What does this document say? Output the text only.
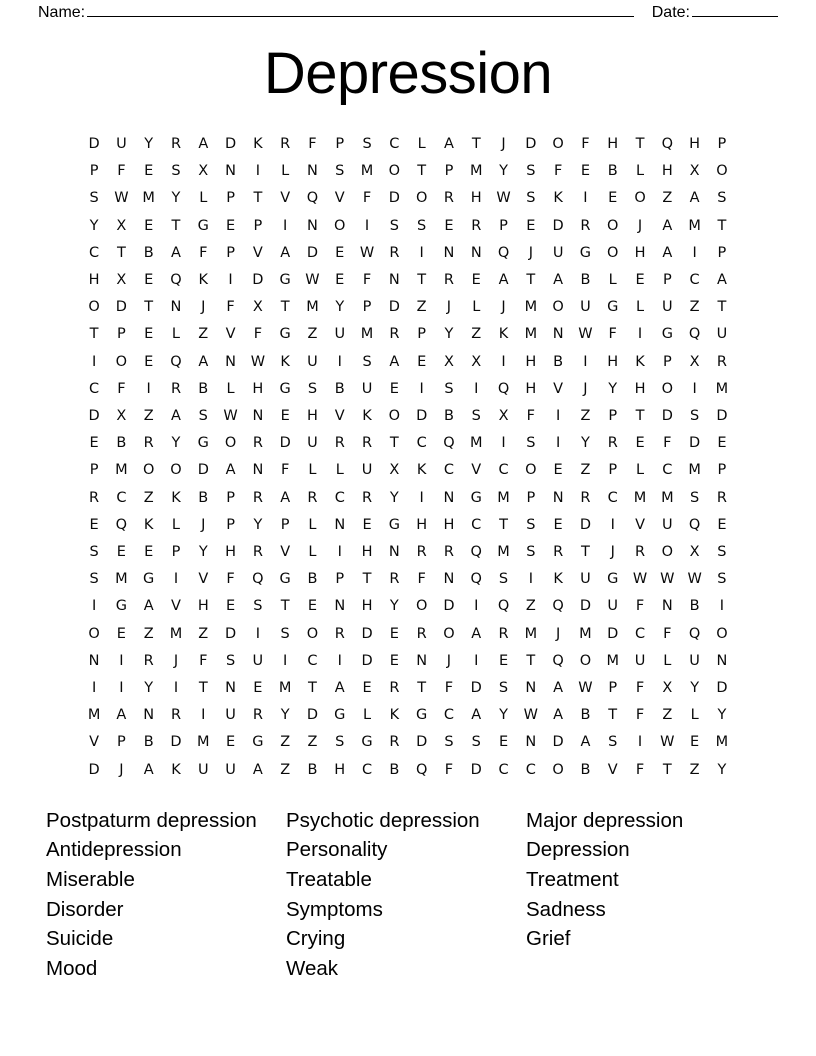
Name:	Date:
Depression
D	U	Y	R	A	D	K	R	F	P	S	C	L	A	T	J	D	O	F	H	T	Q	H	P
P	F	E	S	X	N	I	L	N	S	M	O	T	P	M	Y	S	F	E	B	L	H	X	O
S	W	M	Y	L	P	T	V	Q	V	F	D	O	R	H	W	S	K	I	E	O	Z	A	S
Y	X	E	T	G	E	P	I	N	O	I	S	S	E	R	P	E	D	R	O	J	A	M	T
C	T	B	A	F	P	V	A	D	E	W	R	I	N	N	Q	J	U	G	O	H	A	I	P
H	X	E	Q	K	I	D	G	W	E	F	N	T	R	E	A	T	A	B	L	E	P	C	A
O	D	T	N	J	F	X	T	M	Y	P	D	Z	J	L	J	M	O	U	G	L	U	Z	T
T	P	E	L	Z	V	F	G	Z	U	M	R	P	Y	Z	K	M	N	W	F	I	G	Q	U
I	O	E	Q	A	N	W	K	U	I	S	A	E	X	X	I	H	B	I	H	K	P	X	R
C	F	I	R	B	L	H	G	S	B	U	E	I	S	I	Q	H	V	J	Y	H	O	I	M
D	X	Z	A	S	W	N	E	H	V	K	O	D	B	S	X	F	I	Z	P	T	D	S	D
E	B	R	Y	G	O	R	D	U	R	R	T	C	Q	M	I	S	I	Y	R	E	F	D	E
P	M	O	O	D	A	N	F	L	L	U	X	K	C	V	C	O	E	Z	P	L	C	M	P
R	C	Z	K	B	P	R	A	R	C	R	Y	I	N	G	M	P	N	R	C	M	M	S	R
E	Q	K	L	J	P	Y	P	L	N	E	G	H	H	C	T	S	E	D	I	V	U	Q	E
S	E	E	P	Y	H	R	V	L	I	H	N	R	R	Q	M	S	R	T	J	R	O	X	S
S	M	G	I	V	F	Q	G	B	P	T	R	F	N	Q	S	I	K	U	G	W	W	W	S
I	G	A	V	H	E	S	T	E	N	H	Y	O	D	I	Q	Z	Q	D	U	F	N	B	I
O	E	Z	M	Z	D	I	S	O	R	D	E	R	O	A	R	M	J	M	D	C	F	Q	O
N	I	R	J	F	S	U	I	C	I	D	E	N	J	I	E	T	Q	O	M	U	L	U	N
I	I	Y	I	T	N	E	M	T	A	E	R	T	F	D	S	N	A	W	P	F	X	Y	D
M	A	N	R	I	U	R	Y	D	G	L	K	G	C	A	Y	W	A	B	T	F	Z	L	Y
V	P	B	D	M	E	G	Z	Z	S	G	R	D	S	S	E	N	D	A	S	I	W	E	M
D	J	A	K	U	U	A	Z	B	H	C	B	Q	F	D	C	C	O	B	V	F	T	Z	Y
Postpaturm depression
Antidepression
Miserable
Disorder
Suicide
Mood
Psychotic depression
Personality
Treatable
Symptoms
Crying
Weak
Major depression
Depression
Treatment
Sadness
Grief
